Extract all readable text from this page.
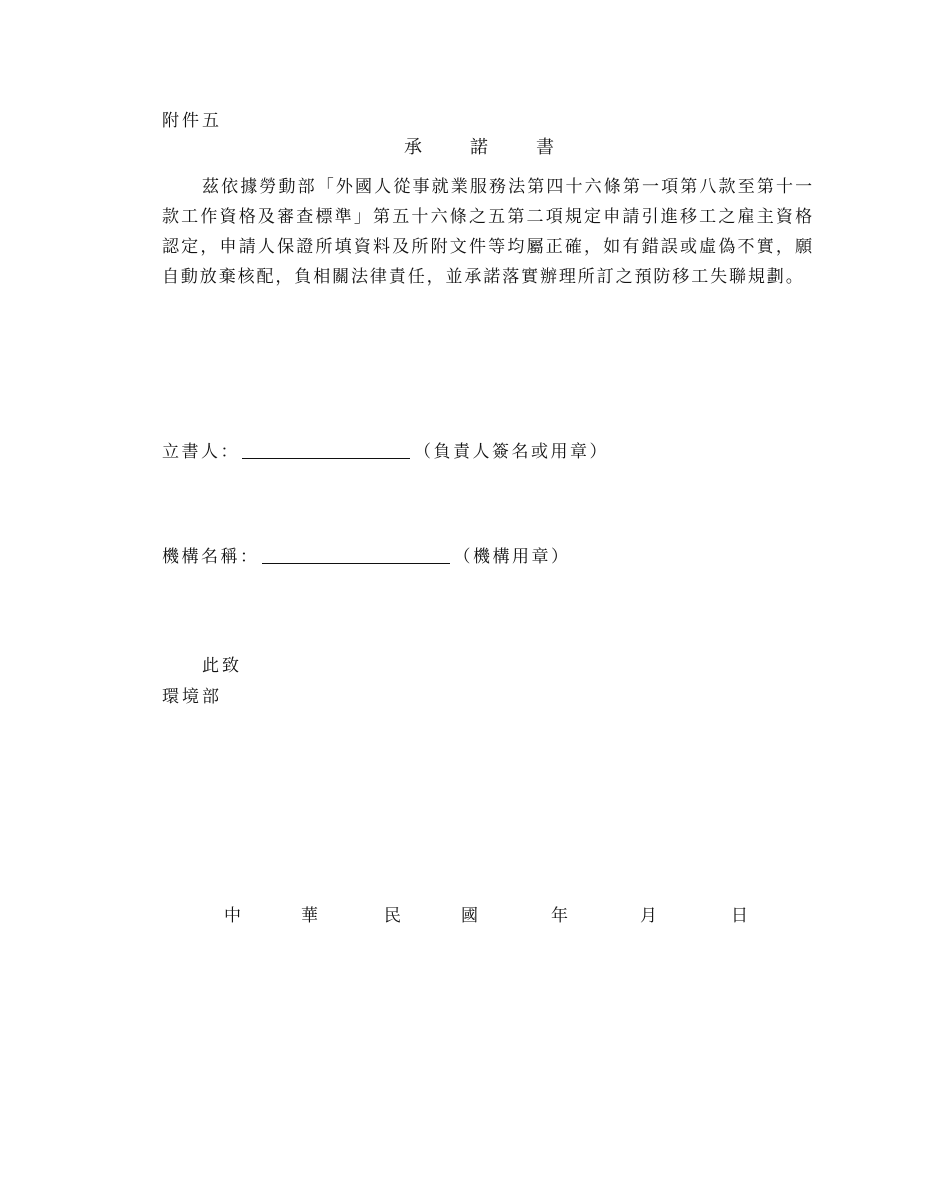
附件五
承	諾	書
茲依據勞動部「外國人從事就業服務法第四十六條第一項第八款至第十一款工作資格及審查標準」第五十六條之五第二項規定申請引進移工之雇主資格認定，申請人保證所填資料及所附文件等均屬正確，如有錯誤或虛偽不實，願自動放棄核配，負相關法律責任，並承諾落實辦理所訂之預防移工失聯規劃。
立書人：	（負責人簽名或用章）
機構名稱：	（機構用章）
此致
環境部
中	華	民	國	年	月	日
